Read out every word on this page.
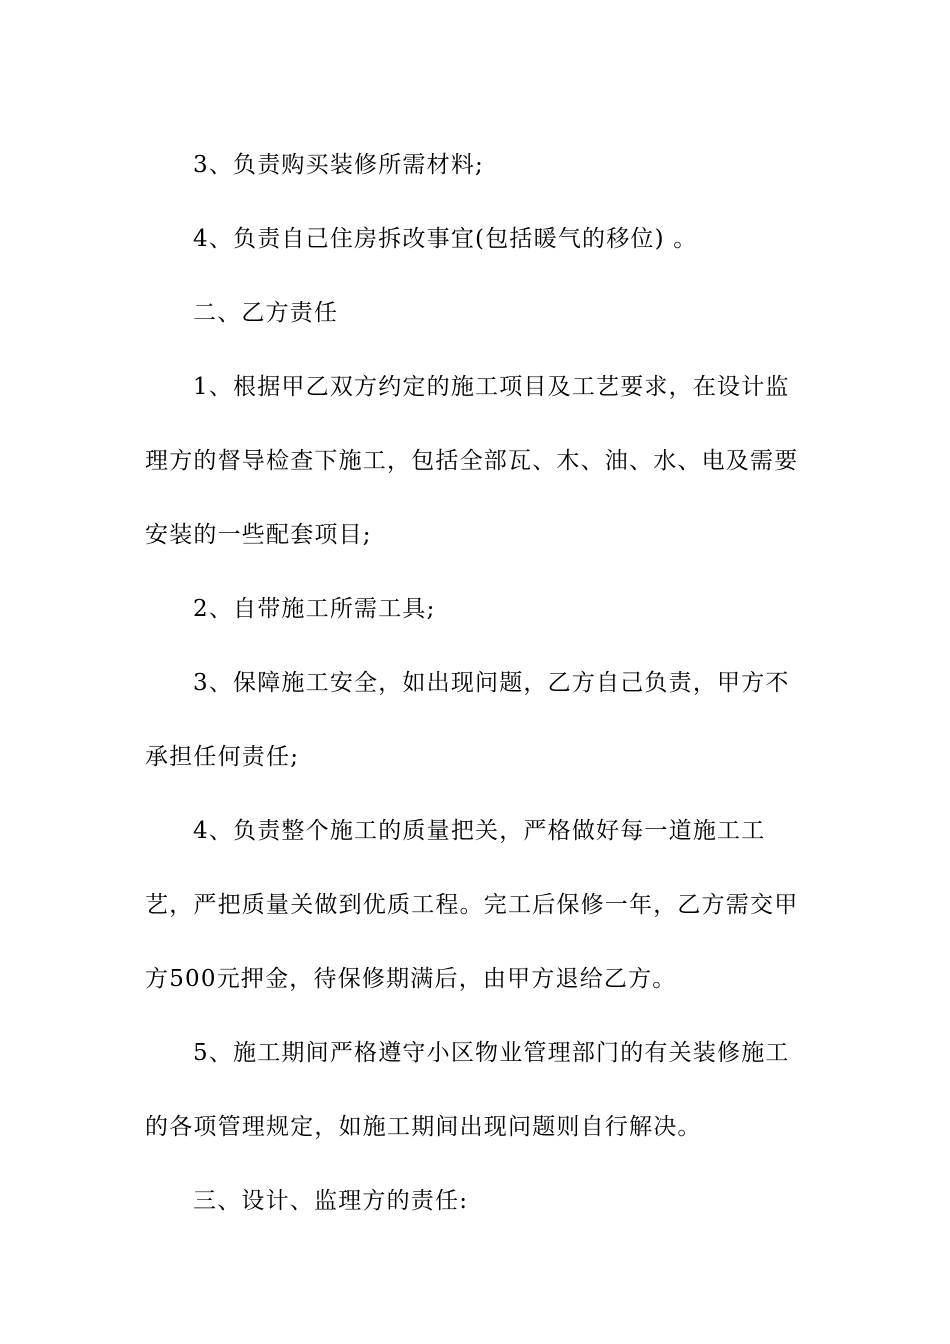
3、负责购买装修所需材料;

4、负责自己住房拆改事宜(包括暖气的移位) 。

二、乙方责任

1、根据甲乙双方约定的施工项目及工艺要求，在设计监理方的督导检查下施工，包括全部瓦、木、油、水、电及需要安装的一些配套项目;

2、自带施工所需工具;

3、保障施工安全，如出现问题，乙方自己负责，甲方不承担任何责任;

4、负责整个施工的质量把关，严格做好每一道施工工艺，严把质量关做到优质工程。完工后保修一年，乙方需交甲方500元押金，待保修期满后，由甲方退给乙方。

5、施工期间严格遵守小区物业管理部门的有关装修施工的各项管理规定，如施工期间出现问题则自行解决。

三、设计、监理方的责任:
